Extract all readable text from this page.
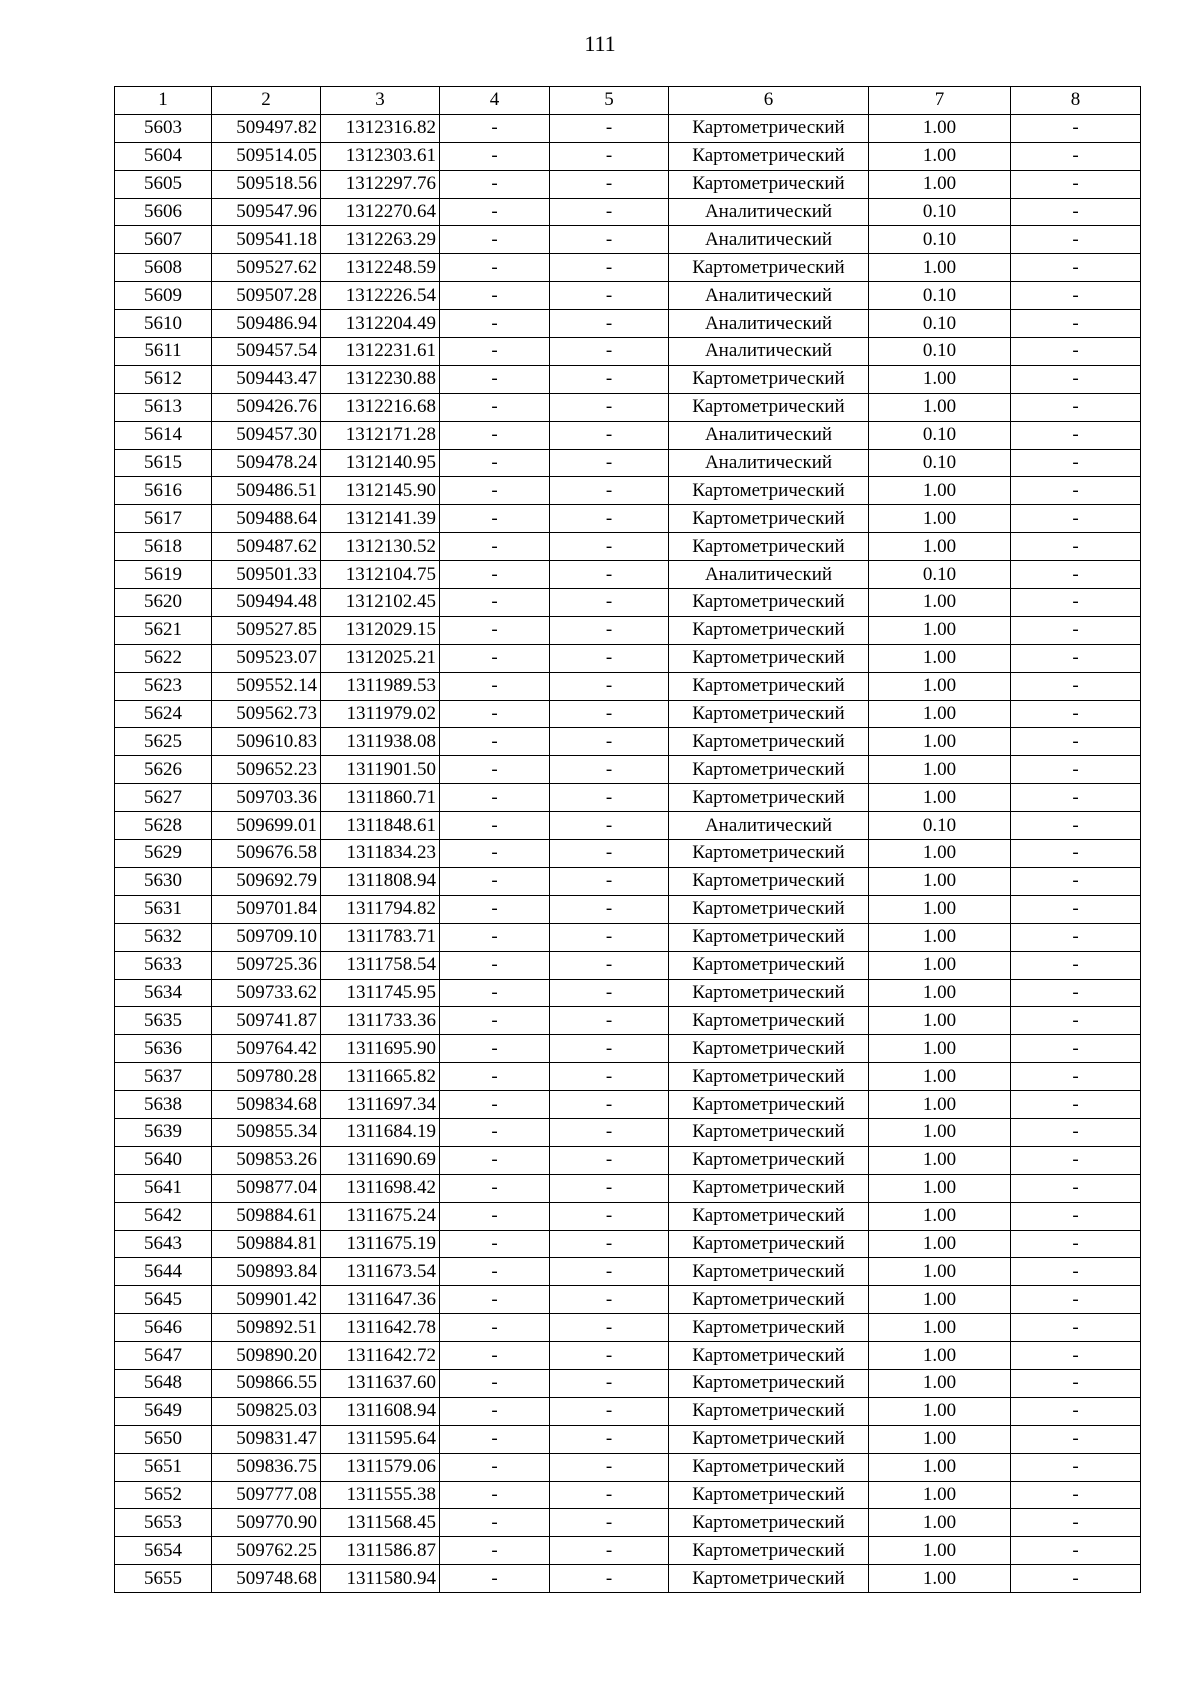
111
1	2	3	4	5	6	7	8
5603	509497.82	1312316.82	-	-	Картометрический	1.00	-
5604	509514.05	1312303.61	-	-	Картометрический	1.00	-
5605	509518.56	1312297.76	-	-	Картометрический	1.00	-
5606	509547.96	1312270.64	-	-	Аналитический	0.10	-
5607	509541.18	1312263.29	-	-	Аналитический	0.10	-
5608	509527.62	1312248.59	-	-	Картометрический	1.00	-
5609	509507.28	1312226.54	-	-	Аналитический	0.10	-
5610	509486.94	1312204.49	-	-	Аналитический	0.10	-
5611	509457.54	1312231.61	-	-	Аналитический	0.10	-
5612	509443.47	1312230.88	-	-	Картометрический	1.00	-
5613	509426.76	1312216.68	-	-	Картометрический	1.00	-
5614	509457.30	1312171.28	-	-	Аналитический	0.10	-
5615	509478.24	1312140.95	-	-	Аналитический	0.10	-
5616	509486.51	1312145.90	-	-	Картометрический	1.00	-
5617	509488.64	1312141.39	-	-	Картометрический	1.00	-
5618	509487.62	1312130.52	-	-	Картометрический	1.00	-
5619	509501.33	1312104.75	-	-	Аналитический	0.10	-
5620	509494.48	1312102.45	-	-	Картометрический	1.00	-
5621	509527.85	1312029.15	-	-	Картометрический	1.00	-
5622	509523.07	1312025.21	-	-	Картометрический	1.00	-
5623	509552.14	1311989.53	-	-	Картометрический	1.00	-
5624	509562.73	1311979.02	-	-	Картометрический	1.00	-
5625	509610.83	1311938.08	-	-	Картометрический	1.00	-
5626	509652.23	1311901.50	-	-	Картометрический	1.00	-
5627	509703.36	1311860.71	-	-	Картометрический	1.00	-
5628	509699.01	1311848.61	-	-	Аналитический	0.10	-
5629	509676.58	1311834.23	-	-	Картометрический	1.00	-
5630	509692.79	1311808.94	-	-	Картометрический	1.00	-
5631	509701.84	1311794.82	-	-	Картометрический	1.00	-
5632	509709.10	1311783.71	-	-	Картометрический	1.00	-
5633	509725.36	1311758.54	-	-	Картометрический	1.00	-
5634	509733.62	1311745.95	-	-	Картометрический	1.00	-
5635	509741.87	1311733.36	-	-	Картометрический	1.00	-
5636	509764.42	1311695.90	-	-	Картометрический	1.00	-
5637	509780.28	1311665.82	-	-	Картометрический	1.00	-
5638	509834.68	1311697.34	-	-	Картометрический	1.00	-
5639	509855.34	1311684.19	-	-	Картометрический	1.00	-
5640	509853.26	1311690.69	-	-	Картометрический	1.00	-
5641	509877.04	1311698.42	-	-	Картометрический	1.00	-
5642	509884.61	1311675.24	-	-	Картометрический	1.00	-
5643	509884.81	1311675.19	-	-	Картометрический	1.00	-
5644	509893.84	1311673.54	-	-	Картометрический	1.00	-
5645	509901.42	1311647.36	-	-	Картометрический	1.00	-
5646	509892.51	1311642.78	-	-	Картометрический	1.00	-
5647	509890.20	1311642.72	-	-	Картометрический	1.00	-
5648	509866.55	1311637.60	-	-	Картометрический	1.00	-
5649	509825.03	1311608.94	-	-	Картометрический	1.00	-
5650	509831.47	1311595.64	-	-	Картометрический	1.00	-
5651	509836.75	1311579.06	-	-	Картометрический	1.00	-
5652	509777.08	1311555.38	-	-	Картометрический	1.00	-
5653	509770.90	1311568.45	-	-	Картометрический	1.00	-
5654	509762.25	1311586.87	-	-	Картометрический	1.00	-
5655	509748.68	1311580.94	-	-	Картометрический	1.00	-
